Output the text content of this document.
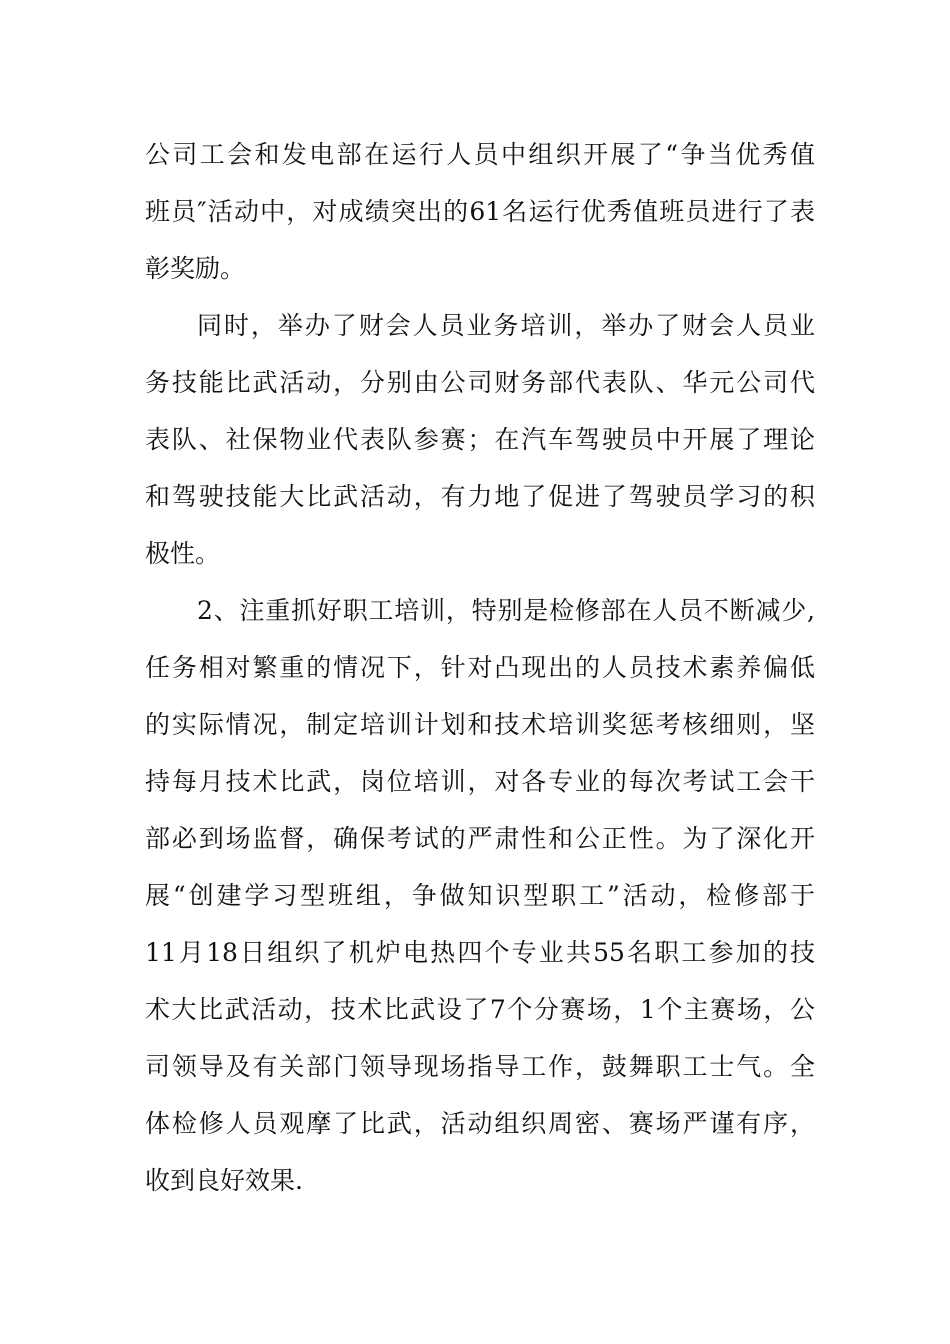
公司工会和发电部在运行人员中组织开展了“争当优秀值
班员″活动中，对成绩突出的61名运行优秀值班员进行了表
彰奖励。
同时，举办了财会人员业务培训，举办了财会人员业
务技能比武活动，分别由公司财务部代表队、华元公司代
表队、社保物业代表队参赛；在汽车驾驶员中开展了理论
和驾驶技能大比武活动，有力地了促进了驾驶员学习的积
极性。
2、注重抓好职工培训，特别是检修部在人员不断减少,
任务相对繁重的情况下，针对凸现出的人员技术素养偏低
的实际情况，制定培训计划和技术培训奖惩考核细则，坚
持每月技术比武，岗位培训，对各专业的每次考试工会干
部必到场监督，确保考试的严肃性和公正性。为了深化开
展“创建学习型班组，争做知识型职工”活动，检修部于
11月18日组织了机炉电热四个专业共55名职工参加的技
术大比武活动，技术比武设了7个分赛场，1个主赛场，公
司领导及有关部门领导现场指导工作，鼓舞职工士气。全
体检修人员观摩了比武，活动组织周密、赛场严谨有序，
收到良好效果.
